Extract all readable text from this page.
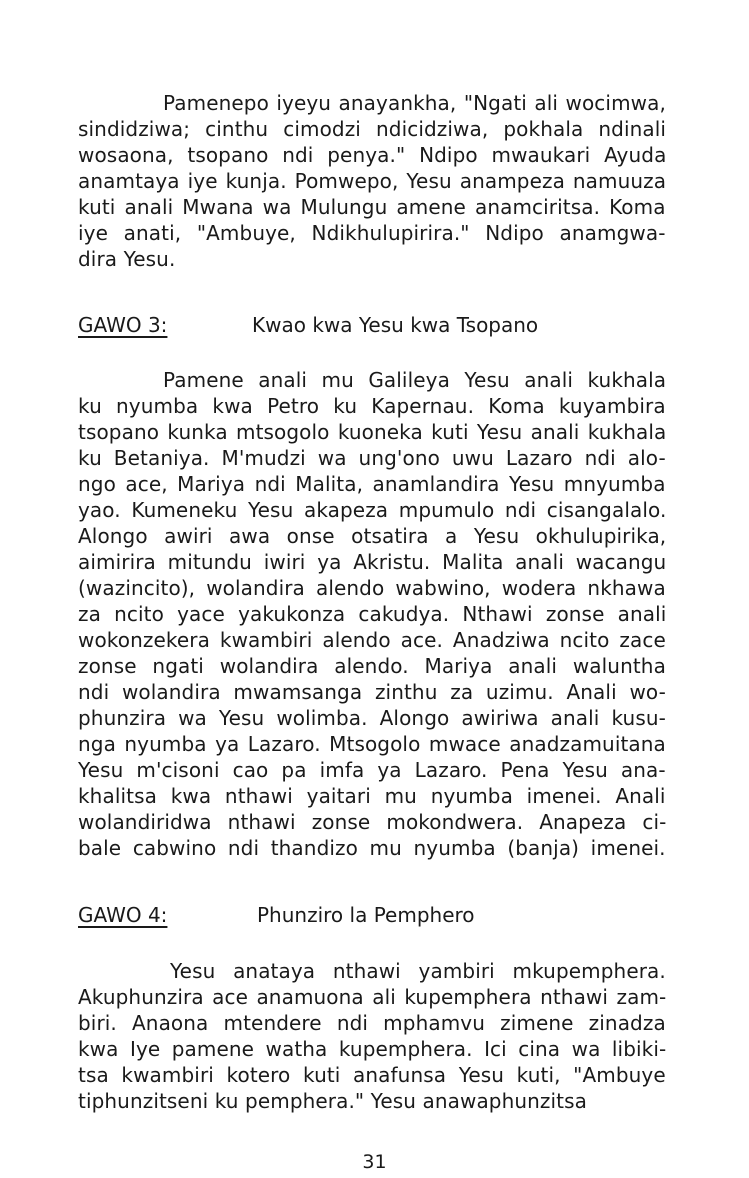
Pamenepo iyeyu anayankha, "Ngati ali wocimwa,
sindidziwa; cinthu cimodzi ndicidziwa, pokhala ndinali
wosaona, tsopano ndi penya." Ndipo mwaukari Ayuda
anamtaya iye kunja. Pomwepo, Yesu anampeza namuuza
kuti anali Mwana wa Mulungu amene anamciritsa. Koma
iye anati, "Ambuye, Ndikhulupirira." Ndipo anamgwa-
dira Yesu.
GAWO 3:	Kwao kwa Yesu kwa Tsopano
Pamene anali mu Galileya Yesu anali kukhala
ku nyumba kwa Petro ku Kapernau. Koma kuyambira
tsopano kunka mtsogolo kuoneka kuti Yesu anali kukhala
ku Betaniya. M'mudzi wa ung'ono uwu Lazaro ndi alo-
ngo ace, Mariya ndi Malita, anamlandira Yesu mnyumba
yao. Kumeneku Yesu akapeza mpumulo ndi cisangalalo.
Alongo awiri awa onse otsatira a Yesu okhulupirika,
aimirira mitundu iwiri ya Akristu. Malita anali wacangu
(wazincito), wolandira alendo wabwino, wodera nkhawa
za ncito yace yakukonza cakudya. Nthawi zonse anali
wokonzekera kwambiri alendo ace. Anadziwa ncito zace
zonse ngati wolandira alendo. Mariya anali waluntha
ndi wolandira mwamsanga zinthu za uzimu. Anali wo-
phunzira wa Yesu wolimba. Alongo awiriwa anali kusu-
nga nyumba ya Lazaro. Mtsogolo mwace anadzamuitana
Yesu m'cisoni cao pa imfa ya Lazaro. Pena Yesu ana-
khalitsa kwa nthawi yaitari mu nyumba imenei. Anali
wolandiridwa nthawi zonse mokondwera. Anapeza ci-
bale cabwino ndi thandizo mu nyumba (banja) imenei.
GAWO 4:	Phunziro la Pemphero
Yesu anataya nthawi yambiri mkupemphera.
Akuphunzira ace anamuona ali kupemphera nthawi zam-
biri. Anaona mtendere ndi mphamvu zimene zinadza
kwa Iye pamene watha kupemphera. Ici cina wa libiki-
tsa kwambiri kotero kuti anafunsa Yesu kuti, "Ambuye
tiphunzitseni ku pemphera." Yesu anawaphunzitsa
31
